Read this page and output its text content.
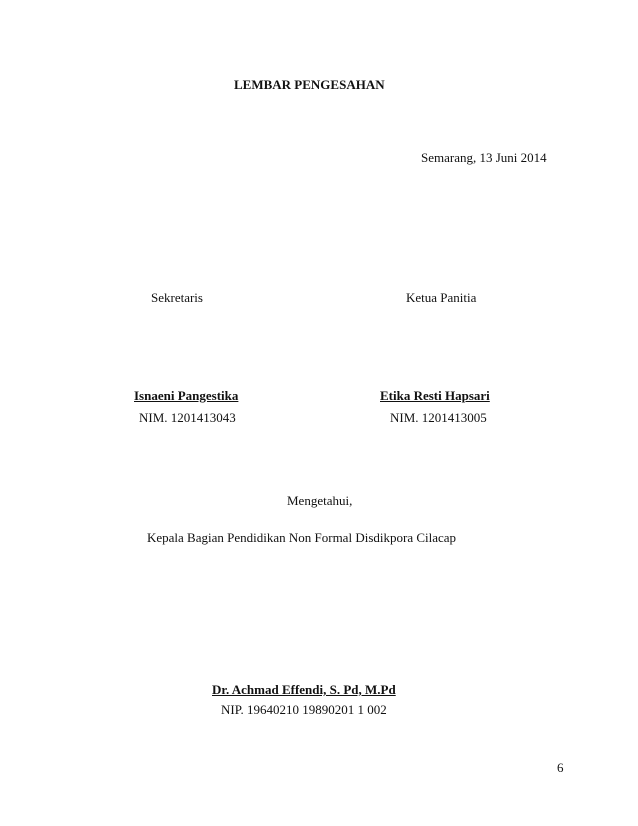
LEMBAR PENGESAHAN
Semarang, 13 Juni 2014
Sekretaris
Isnaeni Pangestika
NIM. 1201413043
Ketua Panitia
Etika Resti Hapsari
NIM. 1201413005
Mengetahui,
Kepala Bagian Pendidikan Non Formal Disdikpora Cilacap
Dr. Achmad Effendi, S. Pd, M.Pd
NIP. 19640210 19890201 1 002
6
